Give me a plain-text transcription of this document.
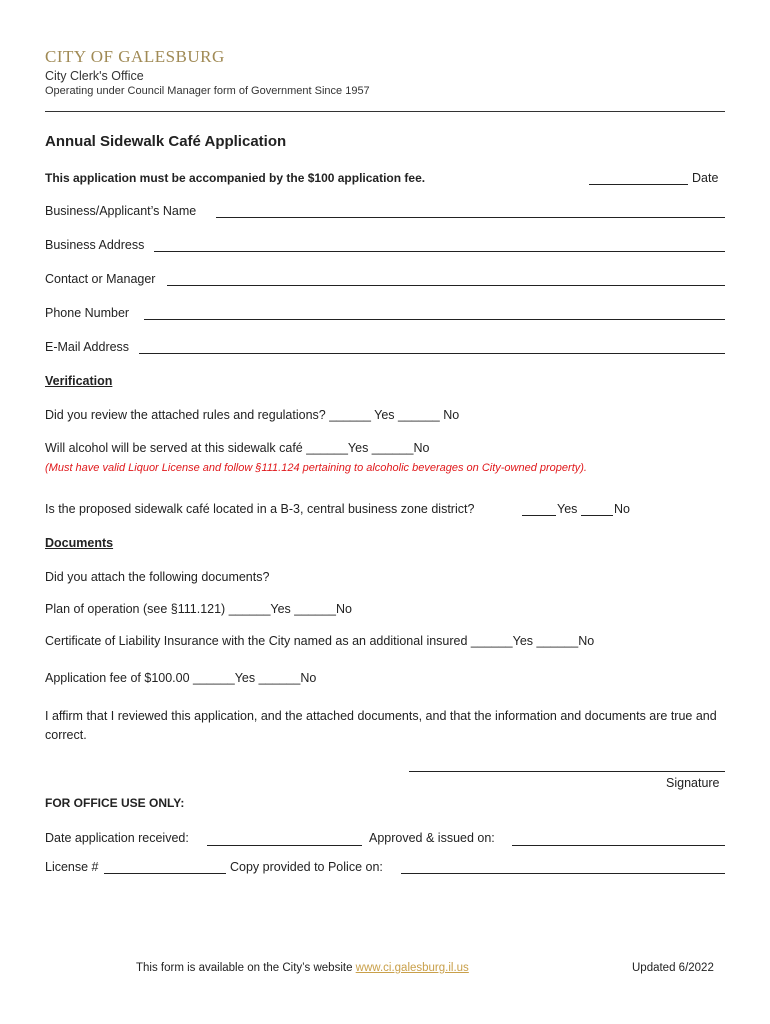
CITY OF GALESBURG
City Clerk's Office
Operating under Council Manager form of Government Since 1957
Annual Sidewalk Café Application
This application must be accompanied by the $100 application fee.	Date
Business/Applicant’s Name
Business Address
Contact or Manager
Phone Number
E-Mail Address
Verification
Did you review the attached rules and regulations? ______ Yes ______ No
Will alcohol will be served at this sidewalk café ______Yes ______No
(Must have valid Liquor License and follow §111.124 pertaining to alcoholic beverages on City-owned property).
Is the proposed sidewalk café located in a B-3, central business zone district?	Yes	No
Documents
Did you attach the following documents?
Plan of operation (see §111.121) ______Yes ______No
Certificate of Liability Insurance with the City named as an additional insured ______Yes ______No
Application fee of $100.00 ______Yes ______No
I affirm that I reviewed this application, and the attached documents, and that the information and documents are true and correct.
Signature
FOR OFFICE USE ONLY:
Date application received:	Approved & issued on:
License #	Copy provided to Police on:
This form is available on the City’s website www.ci.galesburg.il.us	Updated 6/2022
